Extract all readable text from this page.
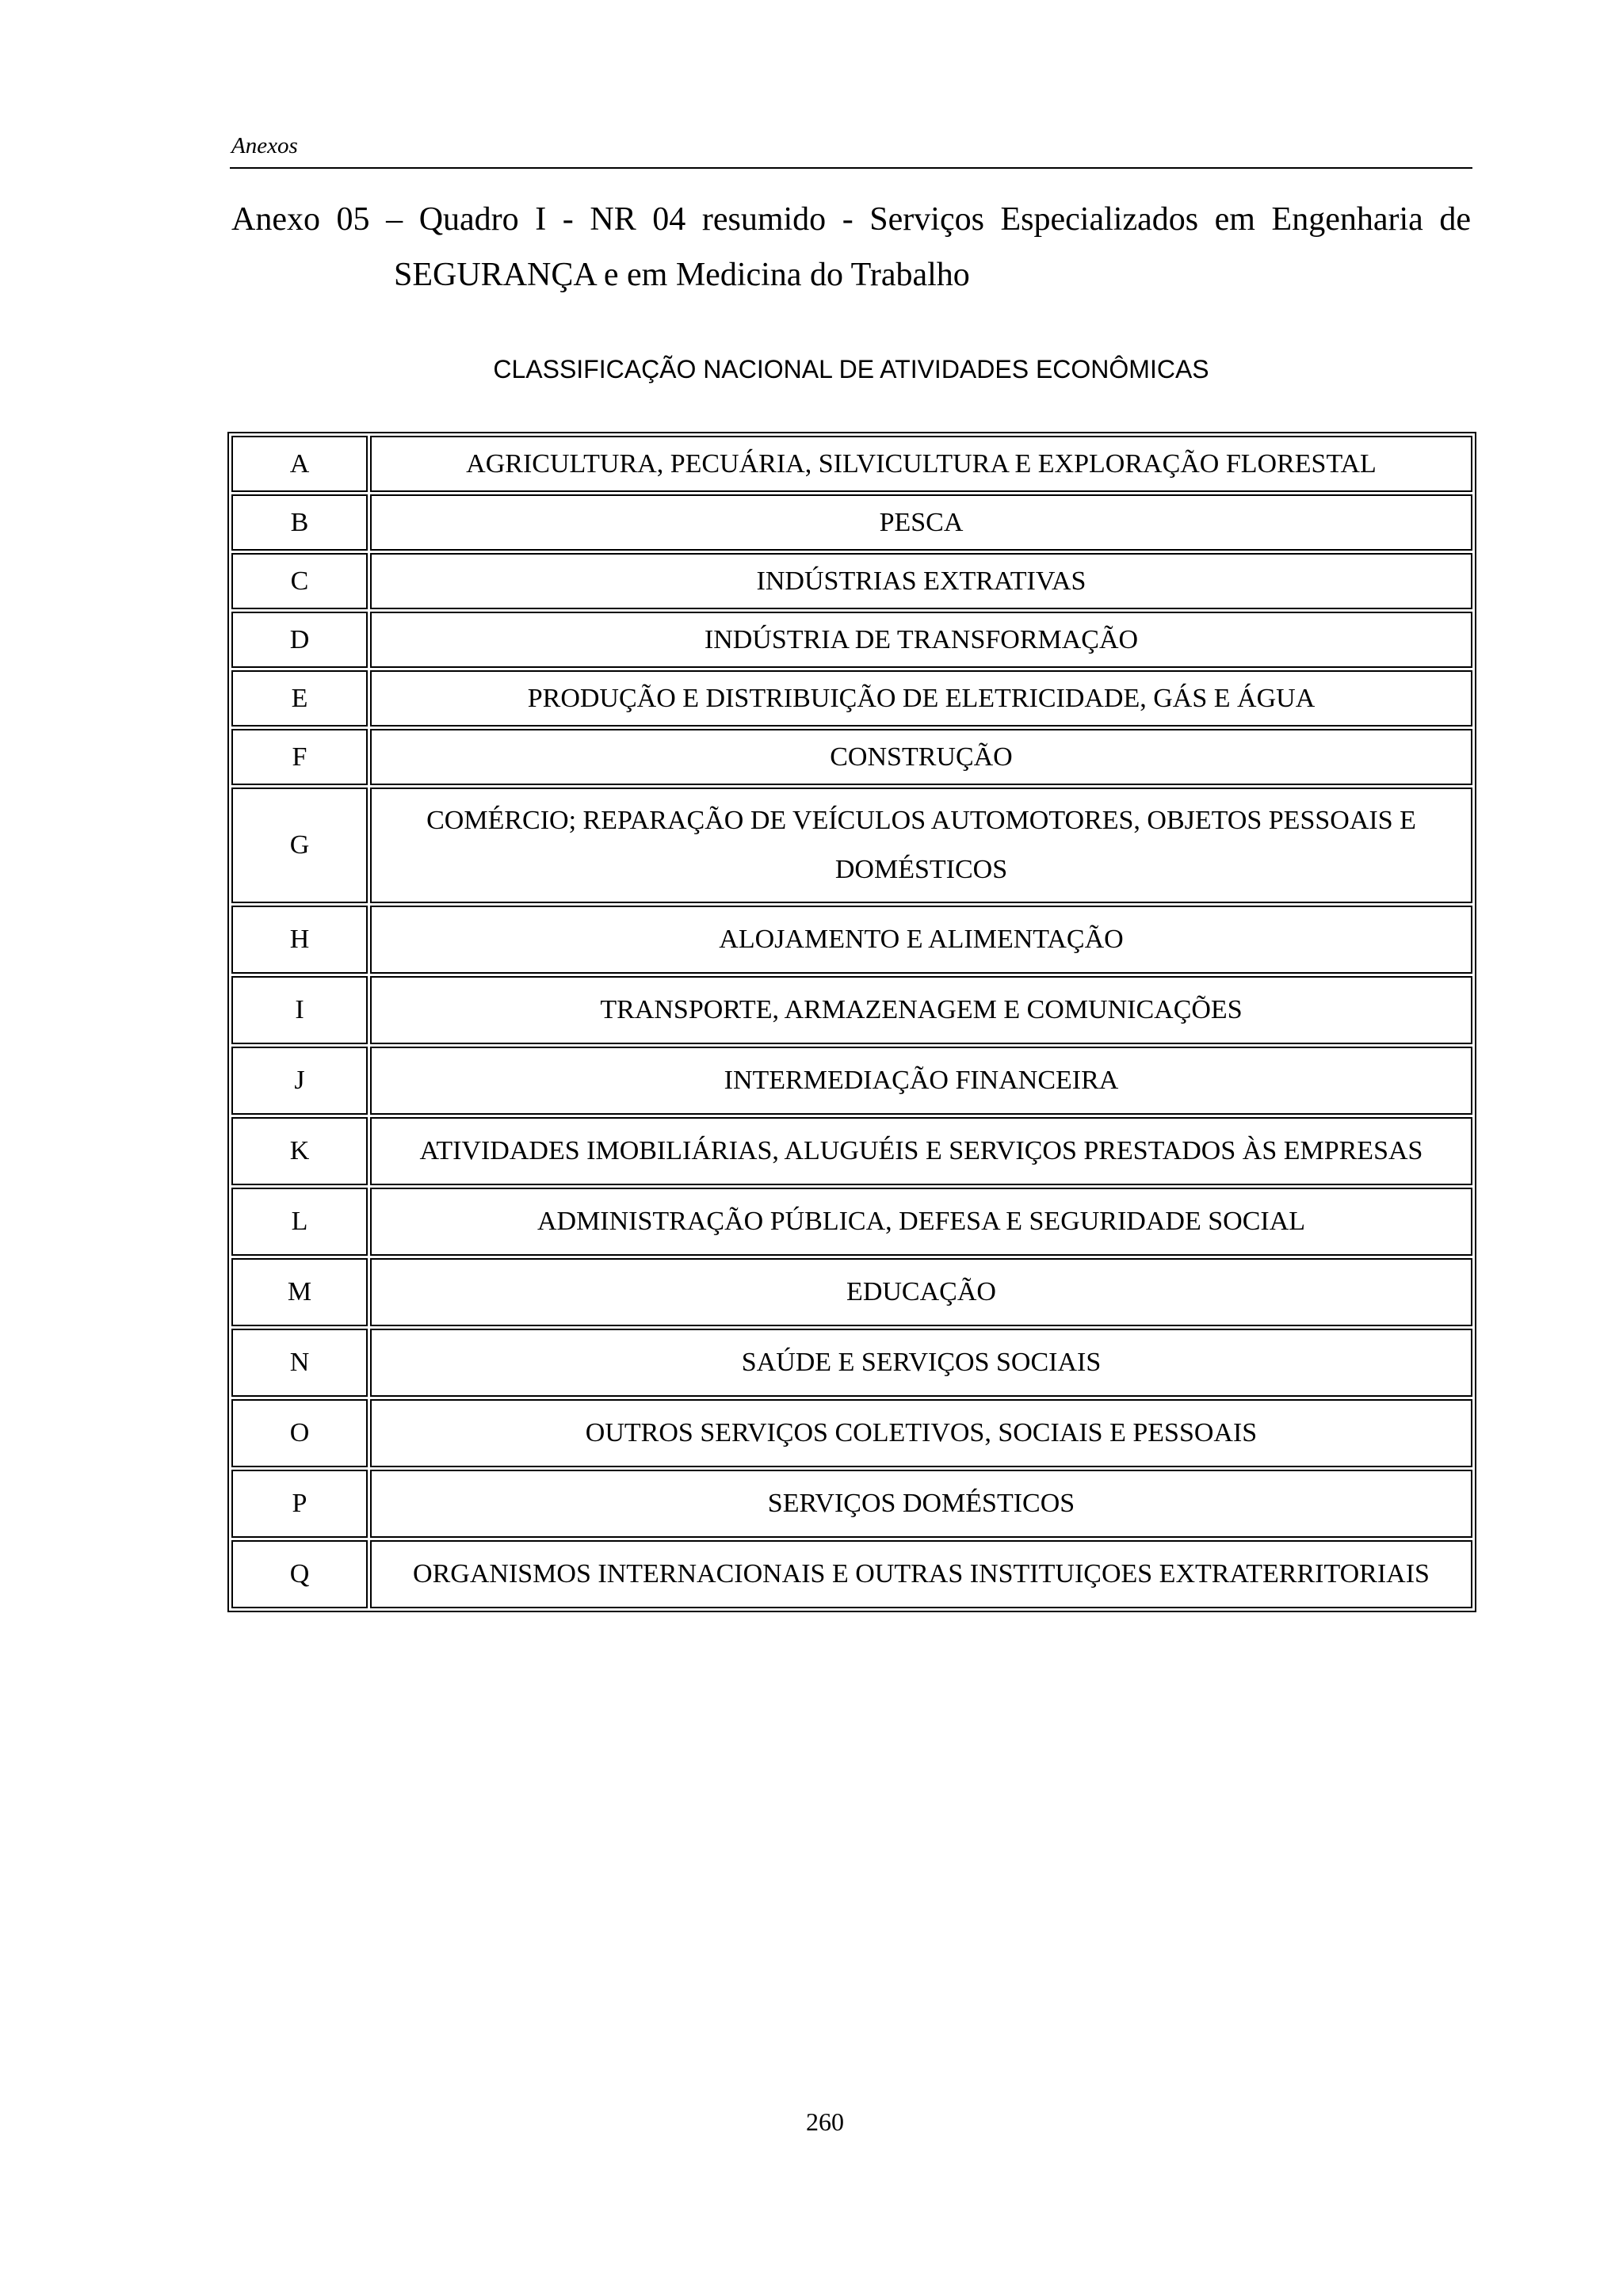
Anexos
Anexo 05 – Quadro I - NR 04 resumido - Serviços Especializados em Engenharia de
SEGURANÇA e em Medicina do Trabalho
CLASSIFICAÇÃO NACIONAL DE ATIVIDADES ECONÔMICAS
A	AGRICULTURA, PECUÁRIA, SILVICULTURA E EXPLORAÇÃO FLORESTAL
B	PESCA
C	INDÚSTRIAS EXTRATIVAS
D	INDÚSTRIA DE TRANSFORMAÇÃO
E	PRODUÇÃO E DISTRIBUIÇÃO DE ELETRICIDADE, GÁS E ÁGUA
F	CONSTRUÇÃO
G	COMÉRCIO; REPARAÇÃO DE VEÍCULOS AUTOMOTORES, OBJETOS PESSOAIS E DOMÉSTICOS
H	ALOJAMENTO E ALIMENTAÇÃO
I	TRANSPORTE, ARMAZENAGEM E COMUNICAÇÕES
J	INTERMEDIAÇÃO FINANCEIRA
K	ATIVIDADES IMOBILIÁRIAS, ALUGUÉIS E SERVIÇOS PRESTADOS ÀS EMPRESAS
L	ADMINISTRAÇÃO PÚBLICA, DEFESA E SEGURIDADE SOCIAL
M	EDUCAÇÃO
N	SAÚDE E SERVIÇOS SOCIAIS
O	OUTROS SERVIÇOS COLETIVOS, SOCIAIS E PESSOAIS
P	SERVIÇOS DOMÉSTICOS
Q	ORGANISMOS INTERNACIONAIS E OUTRAS INSTITUIÇOES EXTRATERRITORIAIS
260
